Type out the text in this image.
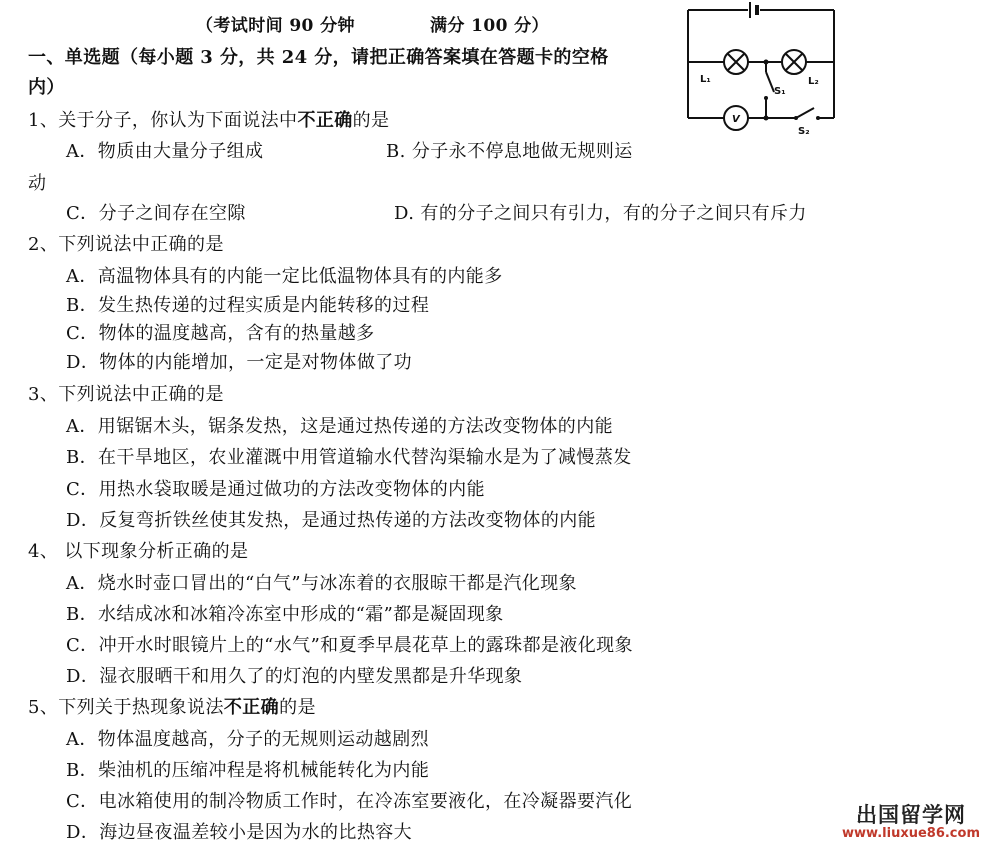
（考试时间 90 分钟	满分 100 分）
一、单选题（每小题 3 分，共 24 分，请把正确答案填在答题卡的空格
内）
1、关于分子，你认为下面说法中不正确的是
A．物质由大量分子组成	B. 分子永不停息地做无规则运
动
C．分子之间存在空隙	D. 有的分子之间只有引力，有的分子之间只有斥力
2、下列说法中正确的是
A．高温物体具有的内能一定比低温物体具有的内能多
B．发生热传递的过程实质是内能转移的过程
C．物体的温度越高，含有的热量越多
D．物体的内能增加，一定是对物体做了功
3、下列说法中正确的是
A．用锯锯木头，锯条发热，这是通过热传递的方法改变物体的内能
B．在干旱地区，农业灌溉中用管道输水代替沟渠输水是为了减慢蒸发
C．用热水袋取暖是通过做功的方法改变物体的内能
D．反复弯折铁丝使其发热，是通过热传递的方法改变物体的内能
4、 以下现象分析正确的是
A．烧水时壶口冒出的“白气”与冰冻着的衣服晾干都是汽化现象
B．水结成冰和冰箱冷冻室中形成的“霜”都是凝固现象
C．冲开水时眼镜片上的“水气”和夏季早晨花草上的露珠都是液化现象
D．湿衣服晒干和用久了的灯泡的内壁发黑都是升华现象
5、下列关于热现象说法不正确的是
A．物体温度越高，分子的无规则运动越剧烈
B．柴油机的压缩冲程是将机械能转化为内能
C．电冰箱使用的制冷物质工作时，在冷冻室要液化，在冷凝器要汽化
D．海边昼夜温差较小是因为水的比热容大
L₁	L₂
S₁
S₂
V
出国留学网
www.liuxue86.com
